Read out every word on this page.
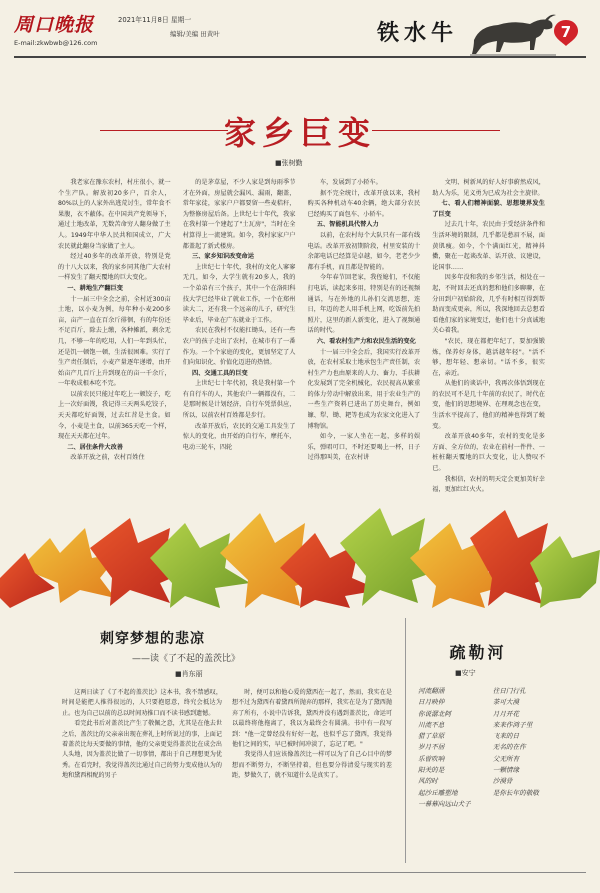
周口晚报
E-mail:zkwbwb@126.com
2021年11月8日 星期一
编辑/美编 田黄叶	铁水牛	7
家乡巨变
■张树勤

我老家在豫东农村，村庄很小，就一个生产队。解放初20多户，百余人，80%以上的人家外出逃荒讨生，常年食不果腹，衣不蔽体。在中国共产党领导下，通过土地改革，无数苦命穷人翻身做了主人。1949年中华人民共和国成立，广大农民就此翻身当家做了主人。

经过40多年的改革开放，特别是党的十八大以来，我的家乡同其他广大农村一样发生了翻天覆地的巨大变化。

一、耕地生产翻巨变

十一届三中全会之前，全村近300亩土地，以小麦为例，每年种小麦200多亩，亩产一直在百余斤徘徊，有的年份还不足百斤，除去上缴，各种摊派，剩余无几，不够一年的吃用，人们一年到头忙，还是饥一顿饱一顿，生活很困难。实行了生产责任制后，小麦产量逐年递增，由开始亩产几百斤上升到现在的亩一千余斤，一年收成根本吃不完。

以前农民只能过年吃上一顿饺子，吃上一次好面馒，我记得三天两头吃饺子，天天都吃好面馒，过去红苕是主食。如今，小麦是主食，以前365天吃一个样，现在天天都在过年。

二、居住条件大改善

改革开放之前，农村百姓住

的是茅草屋，不少人家是到每雨季节才在外面，房屋就会漏风、漏雨，翻盖，常年家徒，家家户户都要留一些麦秸秆，为整修房屋后备。上世纪七十年代，我家在我村第一个建起了"土瓦房"，当时在全村算得上一流建筑。如今，我村家家户户都盖起了新式楼房。

三、家乡知识改变命运

上世纪七十年代，我村的文化人寥寥无几，如今，大学生就有20多人，我的一个弟弟有三个孩子，其中一个在洛阳科技大学已经毕业了就业工作，一个在郑州读大二，还有我一个远亲的儿子，研究生毕业后，毕业在广东就业于工作。

农民在我村不仅能扛锄头，还有一些农户的孩子走出了农村，在城市有了一番作为。一个个家庭的变化，更加坚定了人们向知识化、价值化迈进的热情。

四、交通工具的巨变

上世纪七十年代初，我是我村第一个有自行车的人，其他农户一辆都没有，二是那时候是计划经济，自行车凭票供应，所以，以前农村百姓都是步行。

改革开放后，农民的交通工具发生了惊人的变化，由开始的自行车，摩托车，电动三轮车，四轮

车，发展到了小轿车。

据不完全统计，改革开放以来，我村购买各种机动车40余辆，绝大部分农民已经购买了面包车、小轿车。

五、智能机具代替人力

以前，在农村每个大队只有一部有线电话。改革开放初期阶段，村里安装的十余部电话已经算是卓越，如今，老老少少都有手机，而且都是智能的。

今年春节回老家，我侄媳们，不仅能打电话，读起来多用，特别是有的还视频通话，与在外地的儿孙们交流思想，连日，年迈的老人用手机上网，吃饭前先拍照片，这里的新人新变化，进入了视频通话的时代。

六、看农村生产力和农民生活的变化

十一届三中全会后，我国实行改革开放，在农村采取土地承包生产责任制，农村生产力也由原来的人力、畜力、手扶耕化发展到了完全机械化，农民视高从繁重的体力劳动中解放出来，用于农业生产的一些生产资料已进出了历史舞台，例如镰、犁、锄、耙等也成为农家文化进入了博物馆。

如今，一家人坐在一起，多样的娱乐，弹唱可口，不时还要喝上一杯，日子过得那叫美，在农村讲

文明、树新风的好人好事蔚然成风，助人为乐，见义勇为已成为社会主旋律。

七、看人们精神面貌、思想境界发生了巨变

过去几十年，农民由于受经济条件和生活环境的限制，几乎都是愁眉不展，面黄肌瘦。如今，个个满面红光，精神抖擞，聚在一起谈改革、话开放、议建设，论国事……

因多年没和我的乡邻生活，相处在一起，不时回去还真的想和他们多聊聊，在分田到户初始阶段，几乎有时相互得到帮助而变成更亲，所以，我深地回去总想看看他们家的家境变迁，他们也十分真诚地关心着我。

"农民，现在都把年纪了，要加强锻炼，保养好身体，越活越年轻"。"活不够，想年轻、想亲切。"话不多，很实在，亲近。

从他们的谈话中，我再次体悟到现在的农民可不是几十年前的农民了，时代在变，他们的思想境界、在理观念也在变，生活水平提高了，他们的精神也得到了蜕变。

改革开放40多年，农村的变化是多方面、全方位的，农业在前村一件件、一桩桩翻天覆地的巨大变化，让人赞叹不已。

我相信，农村的明天定会更加美好幸福，更加红红火火。

刺穿梦想的悲凉
——读《了不起的盖茨比》
■肖东丽

这两日读了《了不起的盖茨比》这本书，我不禁感叹，时间是能把人推得很远的，人只要抱愿意，终究会抵达为止。也为自己以前的总以时间劝推口而不读书感到遗憾。

看完此书后对盖茨比产生了敬佩之意，尤其是在他去世之后，盖茨比的父亲亲出现在葬礼上时所说过的事，上面记着盖茨比每天要做的事情，他的父亲更觉得盖茨比在成会出人头地，因为盖茨比做了一切事情，都出于自己理想更为优秀。在看完时，我觉得盖茨比通过自己的努力变成他认为的地和黛西相配的男子

时，便可以和他心爱的黛西在一起了，然而，我实在是想不过为黛西有着黛西所抛弃的那样，我实在是为了黛西抛弃了所有，小说中告诉我，黛西并没有遇到盖茨比，命运可以最终将他拖离了，我以为最终会有圆满。书中有一段写到："他一定曾经没有好好一起，也似乎忘了黛西，我觉得他们之间的实，早已被时间冲淡了，忘记了吧。"

我觉得人们应该像盖茨比一样可以为了自己心目中的梦想而不断努力，不断坚持着，但也要分得清爱与现实的差距，梦做久了，就不知道什么是真实了。

疏勒河
■安宁
河流翻涌
日月映伸
你说潺北阿
川流不息
猎了草原
岁月不居
乐曾吹响
阳关的是
风的时
起沙丘雕塑地
一幕幕向远山犬子
往日门行孔
茶可大漠
月月开花
来来作鸿子里
飞来的日
无名的在作
父无所有
一颗情缘
沙漠骨
是你长年的敬敬
